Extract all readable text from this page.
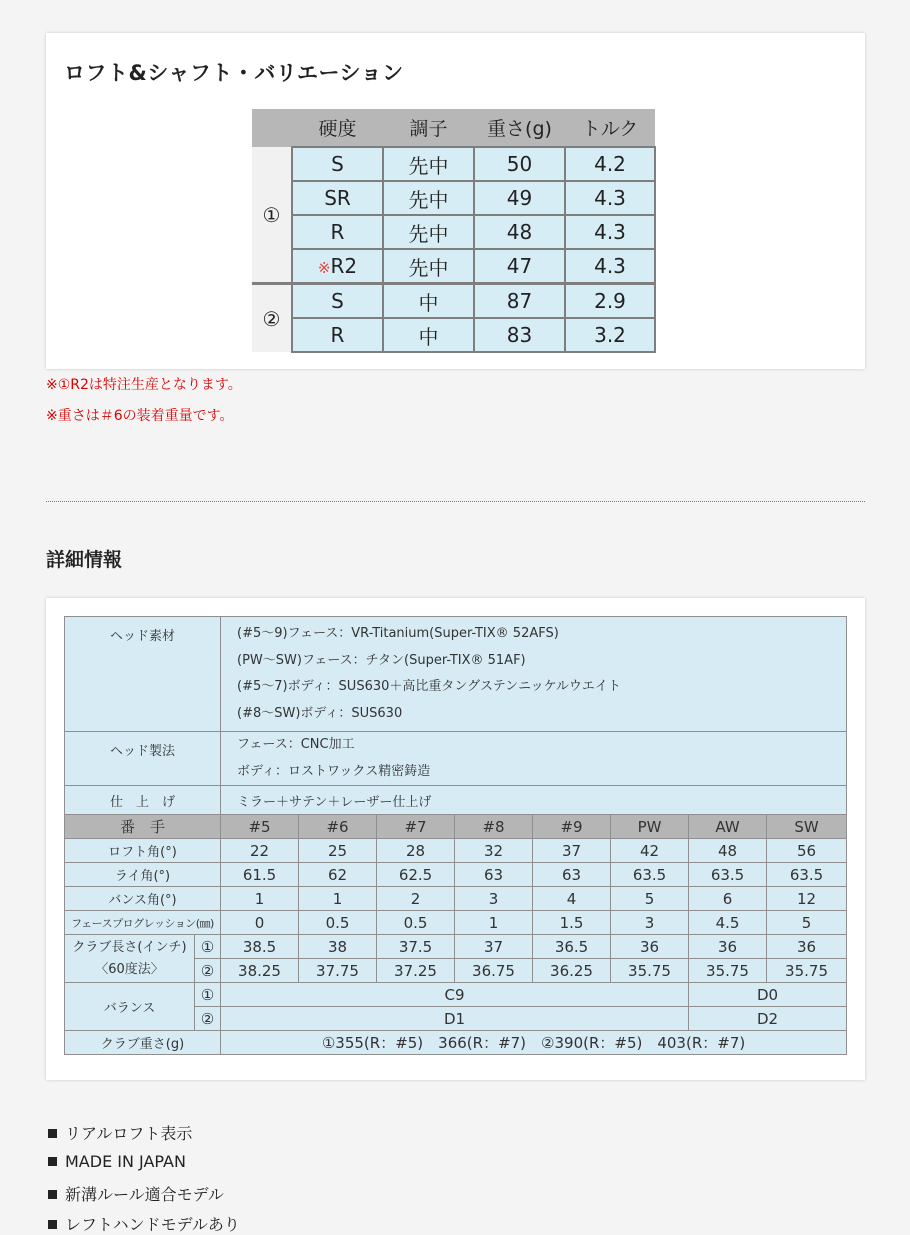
ロフト&シャフト・バリエーション
	硬度	調子	重さ(g)	トルク
①	S	先中	50	4.2
	SR	先中	49	4.3
	R	先中	48	4.3
	※R2	先中	47	4.3
②	S	中	87	2.9
	R	中	83	3.2
※①R2は特注生産となります。
※重さは＃6の装着重量です。
詳細情報
ヘッド素材		(#5〜9)フェース：VR-Titanium(Super-TIX® 52AFS)
(PW〜SW)フェース：チタン(Super-TIX® 51AF)
(#5〜7)ボディ：SUS630＋高比重タングステンニッケルウエイト
(#8〜SW)ボディ：SUS630							

ヘッド製法		フェース：CNC加工
ボディ：ロストワックス精密鋳造							

仕　上　げ		ミラー＋サテン＋レーザー仕上げ							
番　手		#5	#6	#7	#8	#9	PW	AW	SW
ロフト角(°)		22	25	28	32	37	42	48	56
ライ角(°)		61.5	62	62.5	63	63	63.5	63.5	63.5
バンス角(°)		1	1	2	3	4	5	6	12
フェースプログレッション(㎜)		0	0.5	0.5	1	1.5	3	4.5	5

クラブ長さ(インチ)
〈60度法〉	①	38.5	38	37.5	37	36.5	36	36	36
	②	38.25	37.75	37.25	36.75	36.25	35.75	35.75	35.75
バランス	①	C9						D0	
	②	D1						D2	
クラブ重さ(g)		①355(R：#5)　366(R：#7)　②390(R：#5)　403(R：#7)							
リアルロフト表示
MADE IN JAPAN
新溝ルール適合モデル
レフトハンドモデルあり
